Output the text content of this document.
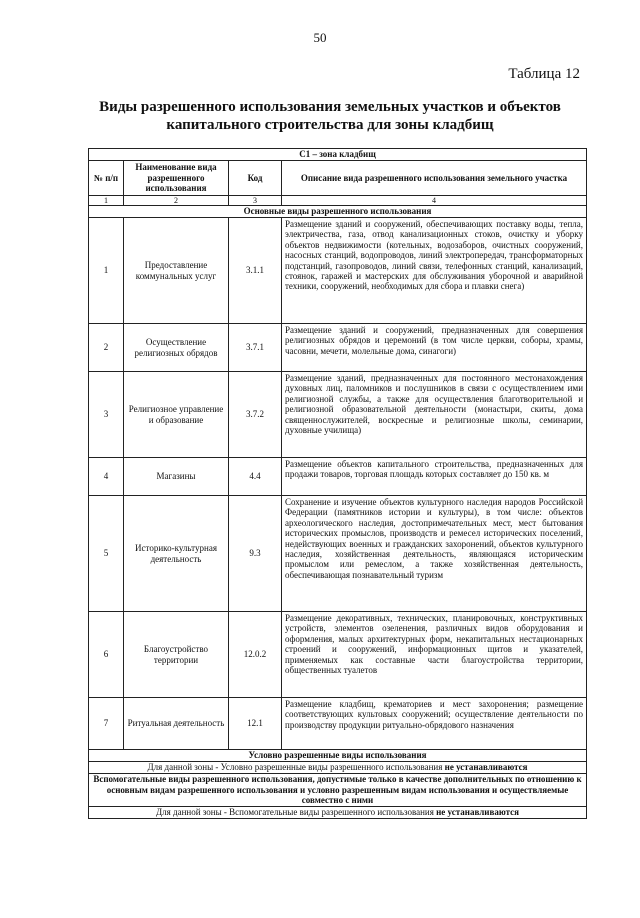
50
Таблица 12
Виды разрешенного использования земельных участков и объектов капитального строительства для зоны кладбищ
С1 – зона кладбищ			
№ п/п	Наименование вида разрешенного использования	Код	Описание вида разрешенного использования земельного участка
1	2	3	4
Основные виды разрешенного использования			
1	Предоставление коммунальных услуг	3.1.1	Размещение зданий и сооружений, обеспечивающих поставку воды, тепла, электричества, газа, отвод канализационных стоков, очистку и уборку объектов недвижимости (котельных, водозаборов, очистных сооружений, насосных станций, водопроводов, линий электропередач, трансформаторных подстанций, газопроводов, линий связи, телефонных станций, канализаций, стоянок, гаражей и мастерских для обслуживания уборочной и аварийной техники, сооружений, необходимых для сбора и плавки снега)
2	Осуществление религиозных обрядов	3.7.1	Размещение зданий и сооружений, предназначенных для совершения религиозных обрядов и церемоний (в том числе церкви, соборы, храмы, часовни, мечети, молельные дома, синагоги)
3	Религиозное управление и образование	3.7.2	Размещение зданий, предназначенных для постоянного местонахождения духовных лиц, паломников и послушников в связи с осуществлением ими религиозной службы, а также для осуществления благотворительной и религиозной образовательной деятельности (монастыри, скиты, дома священнослужителей, воскресные и религиозные школы, семинарии, духовные училища)
4	Магазины	4.4	Размещение объектов капитального строительства, предназначенных для продажи товаров, торговая площадь которых составляет до 150 кв. м
5	Историко-культурная деятельность	9.3	Сохранение и изучение объектов культурного наследия народов Российской Федерации (памятников истории и культуры), в том числе: объектов археологического наследия, достопримечательных мест, мест бытования исторических промыслов, производств и ремесел исторических поселений, недействующих военных и гражданских захоронений, объектов культурного наследия, хозяйственная деятельность, являющаяся историческим промыслом или ремеслом, а также хозяйственная деятельность, обеспечивающая познавательный туризм
6	Благоустройство территории	12.0.2	Размещение декоративных, технических, планировочных, конструктивных устройств, элементов озеленения, различных видов оборудования и оформления, малых архитектурных форм, некапитальных нестационарных строений и сооружений, информационных щитов и указателей, применяемых как составные части благоустройства территории, общественных туалетов
7	Ритуальная деятельность	12.1	Размещение кладбищ, крематориев и мест захоронения; размещение соответствующих культовых сооружений; осуществление деятельности по производству продукции ритуально-обрядового назначения
Условно разрешенные виды использования			
Для данной зоны - Условно разрешенные виды разрешенного использования не устанавливаются			
Вспомогательные виды разрешенного использования, допустимые только в качестве дополнительных по отношению к основным видам разрешенного использования и условно разрешенным видам использования и осуществляемые совместно с ними			
Для данной зоны - Вспомогательные виды разрешенного использования не устанавливаются			
